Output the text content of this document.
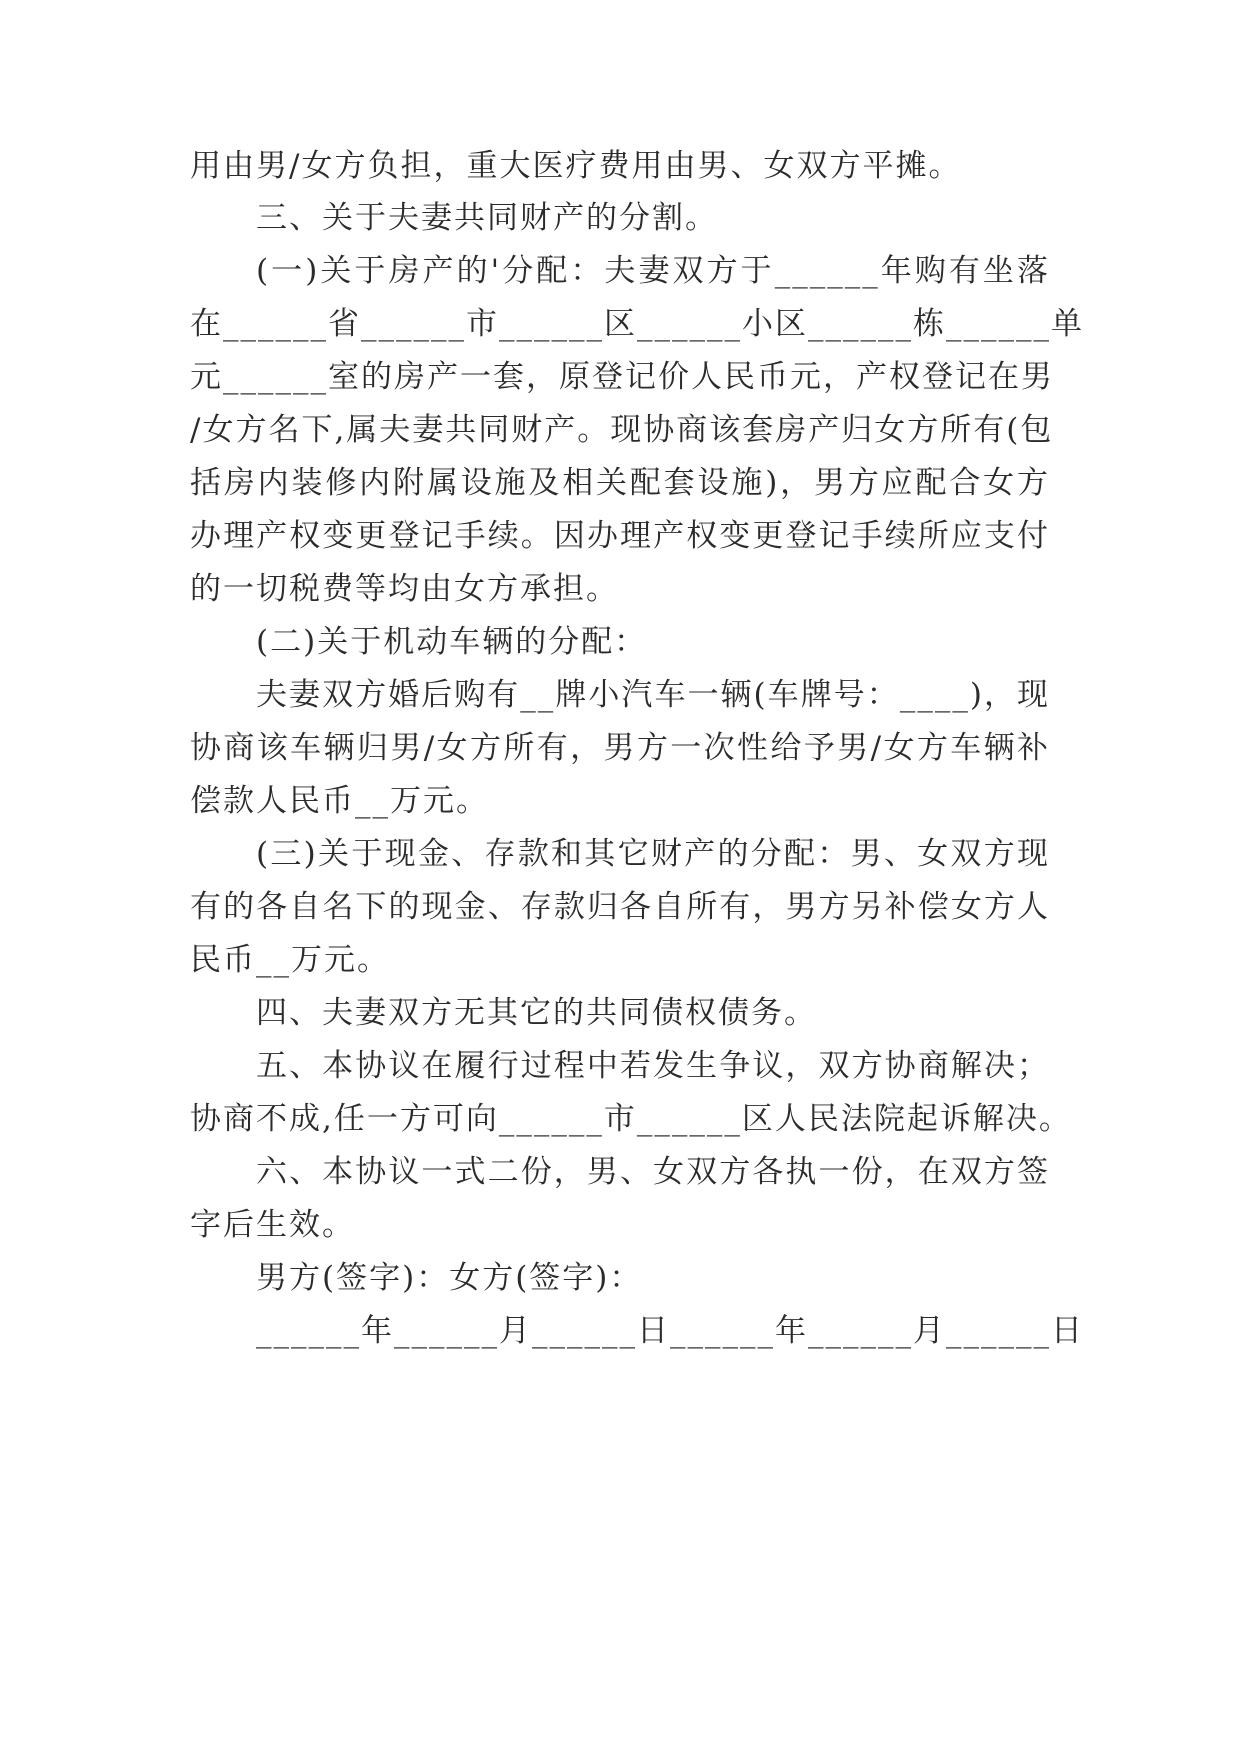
用由男/女方负担，重大医疗费用由男、女双方平摊。
三、关于夫妻共同财产的分割。
(一)关于房产的'分配：夫妻双方于______年购有坐落
在______省______市______区______小区______栋______单
元______室的房产一套，原登记价人民币元，产权登记在男
/女方名下,属夫妻共同财产。现协商该套房产归女方所有(包
括房内装修内附属设施及相关配套设施)，男方应配合女方
办理产权变更登记手续。因办理产权变更登记手续所应支付
的一切税费等均由女方承担。
(二)关于机动车辆的分配：
夫妻双方婚后购有__牌小汽车一辆(车牌号：____)，现
协商该车辆归男/女方所有，男方一次性给予男/女方车辆补
偿款人民币__万元。
(三)关于现金、存款和其它财产的分配：男、女双方现
有的各自名下的现金、存款归各自所有，男方另补偿女方人
民币__万元。
四、夫妻双方无其它的共同债权债务。
五、本协议在履行过程中若发生争议，双方协商解决；
协商不成,任一方可向______市______区人民法院起诉解决。
六、本协议一式二份，男、女双方各执一份，在双方签
字后生效。
男方(签字)：女方(签字)：
______年______月______日______年______月______日
